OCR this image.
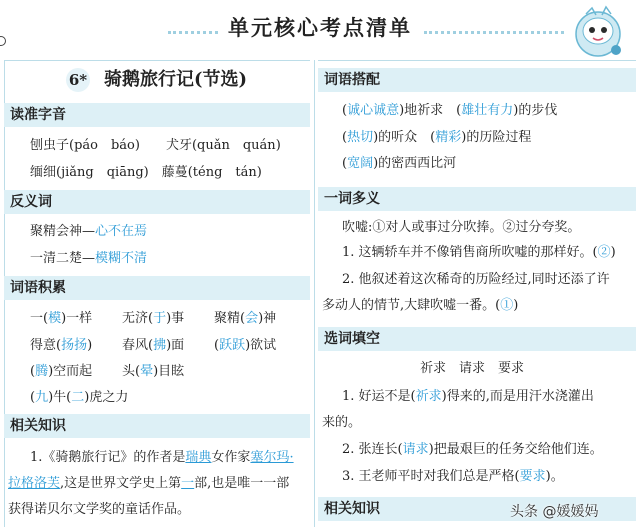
单元核心考点清单
6* 骑鹅旅行记(节选)
读准字音
刨虫子(páo　báo)　　犬牙(quǎn　quán)
缅细(jiǎng　qiāng)　藤蔓(téng　tán)
反义词
聚精会神—心不在焉
一清二楚—模糊不清
词语积累
一(模)一样 无济(于)事 聚精(会)神
得意(扬扬) 春风(拂)面 (跃跃)欲试
(腾)空而起 头(晕)目眩
(九)牛(二)虎之力
相关知识
1.《骑鹅旅行记》的作者是瑞典女作家塞尔玛·
拉格洛芙,这是世界文学史上第一部,也是唯一一部
获得诺贝尔文学奖的童话作品。
词语搭配
(诚心诚意)地祈求　(雄壮有力)的步伐
(热切)的听众　(精彩)的历险过程
(宽阔)的密西西比河
一词多义
吹嘘:①对人或事过分吹捧。②过分夸奖。
1. 这辆轿车并不像销售商所吹嘘的那样好。(②)
2. 他叙述着这次稀奇的历险经过,同时还添了许
多动人的情节,大肆吹嘘一番。(①)
选词填空
祈求　请求　要求
1. 好运不是(祈求)得来的,而是用汗水浇灌出
来的。
2. 张连长(请求)把最艰巨的任务交给他们连。
3. 王老师平时对我们总是严格(要求)。
相关知识	头条 @媛媛妈
